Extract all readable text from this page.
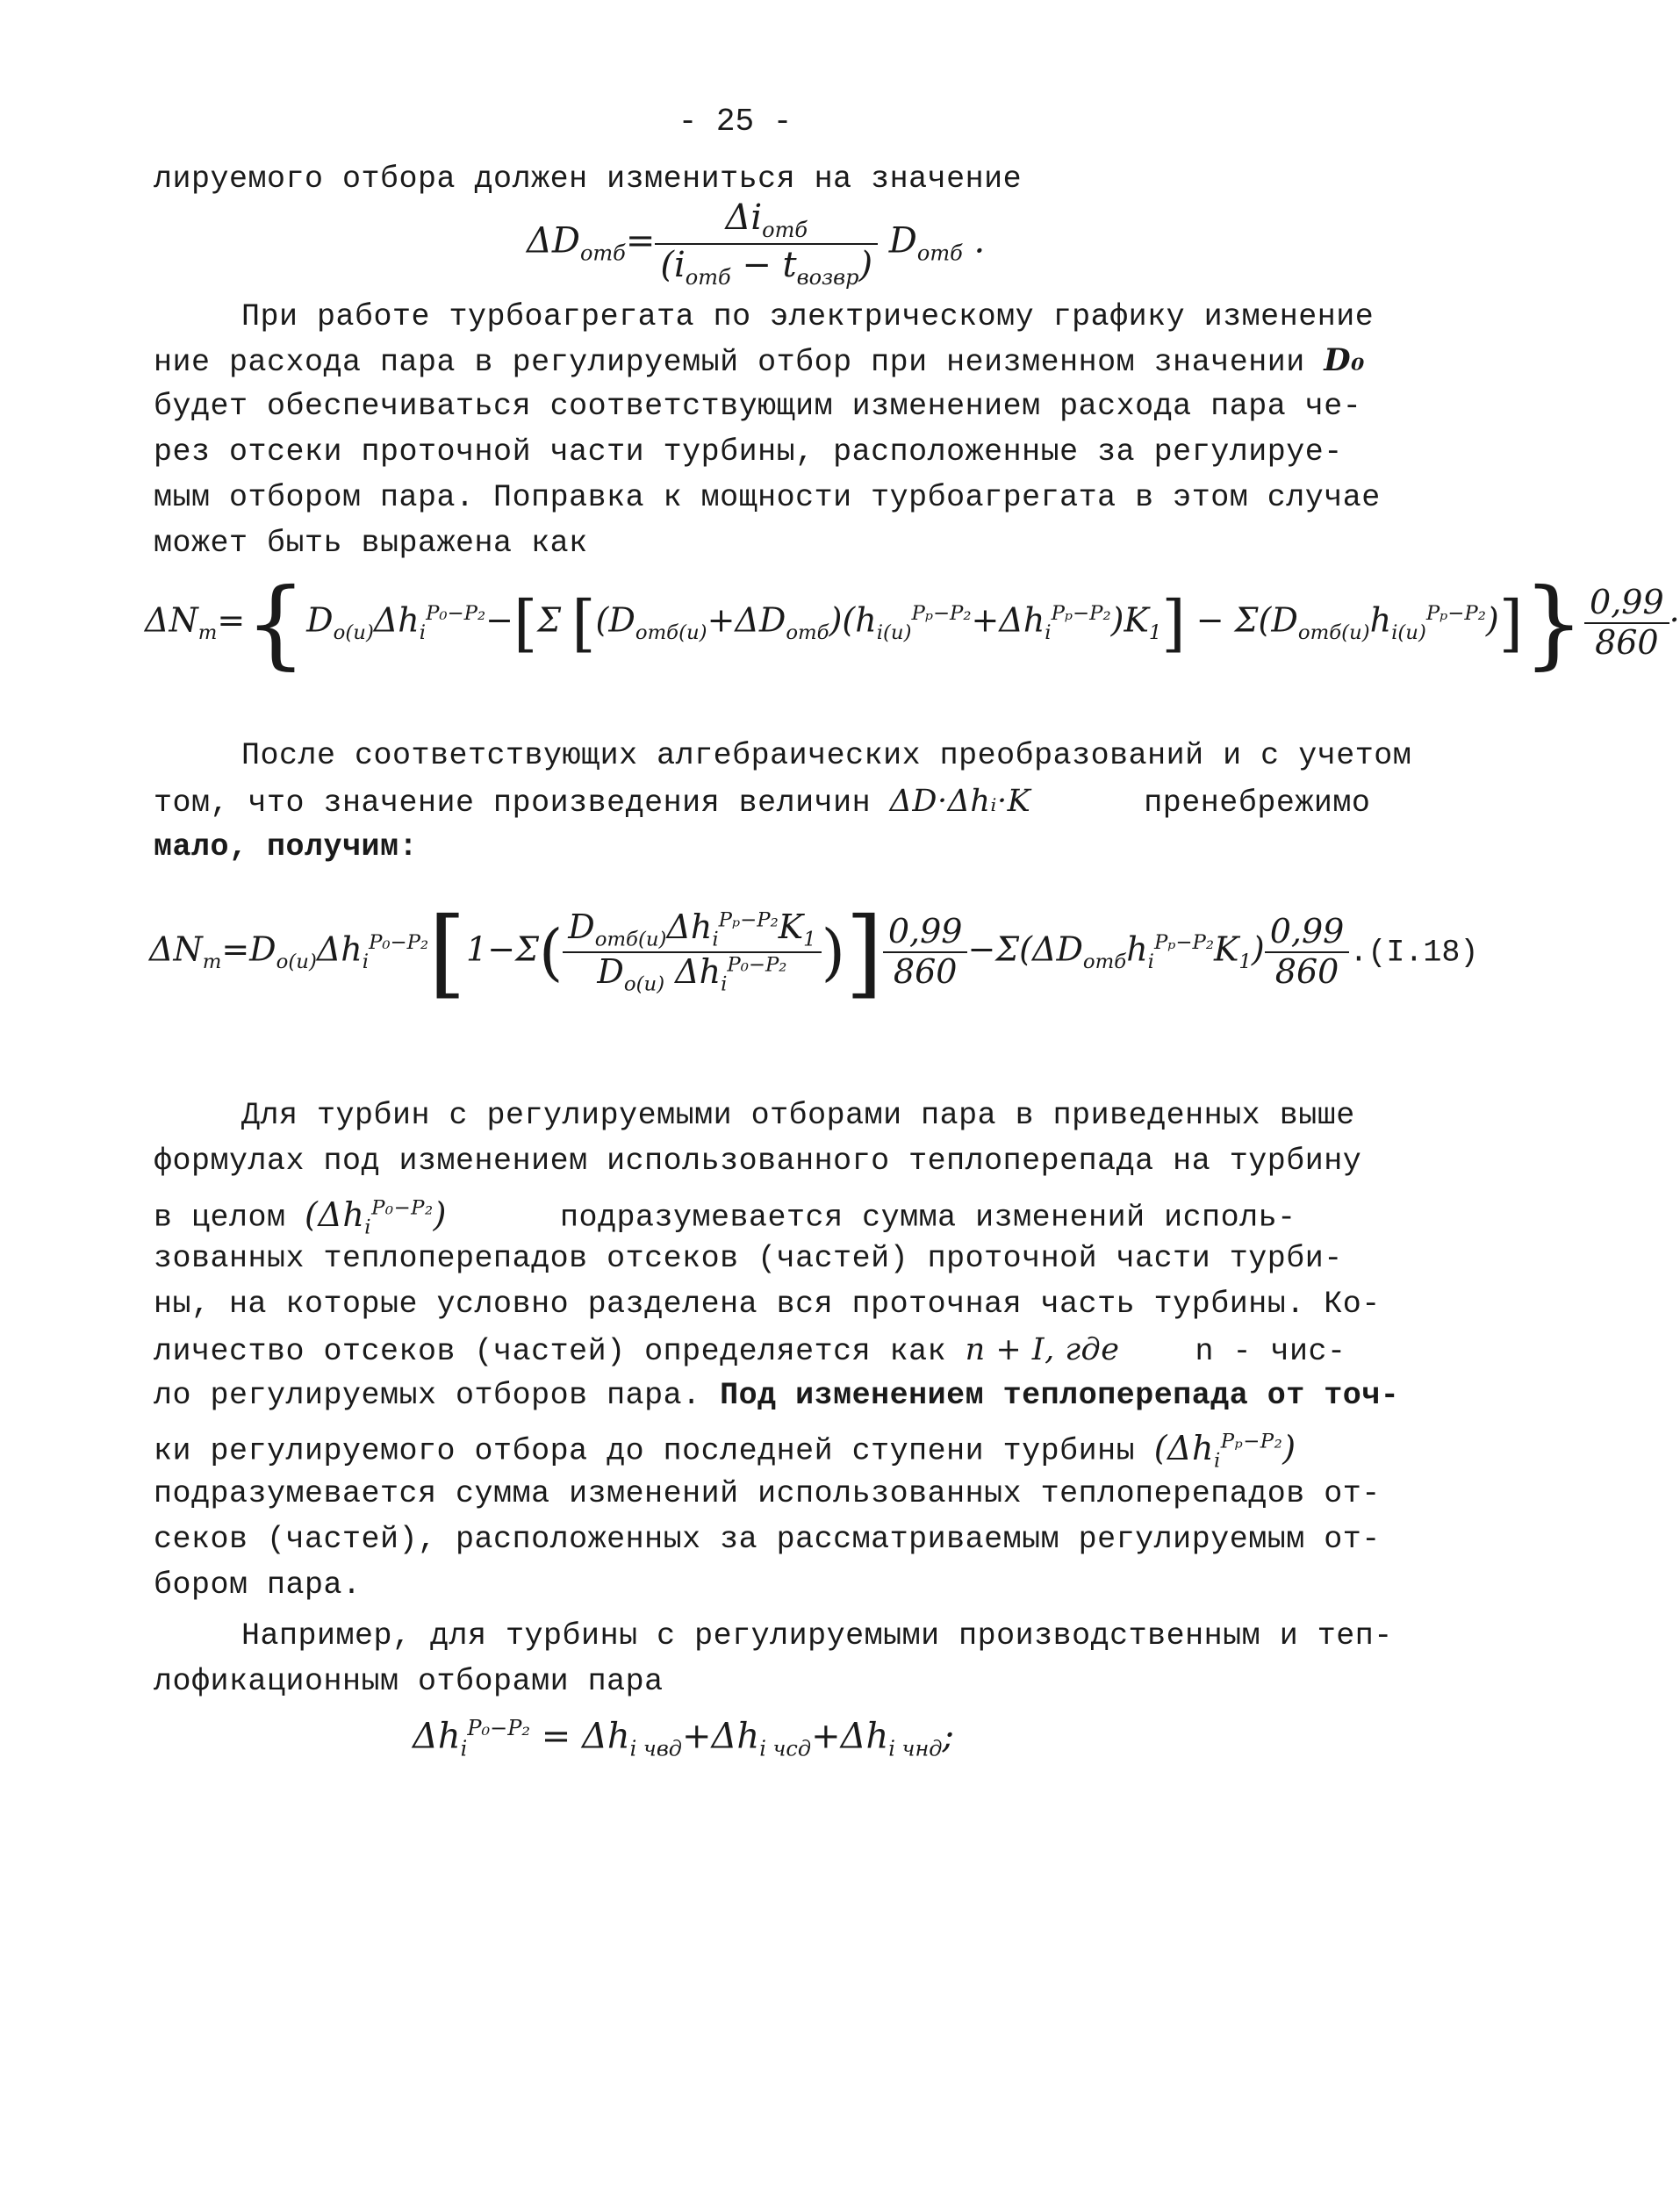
- 25 -
лируемого отбора должен измениться на значение
$\Delta D_{отб}= \frac{\Delta i_{отб}}{(i_{отб} - t_{возвр})} D_{отб}$ .
При работе турбоагрегата по электрическому графику изменение
ние расхода пара в регулируемый отбор при неизменном значении D₀
будет обеспечиваться соответствующим изменением расхода пара че-
рез отсеки проточной части турбины, расположенные за регулируе-
мым отбором пара. Поправка к мощности турбоагрегата в этом случае
может быть выражена как
$\Delta N_т=\{D_{о(и)}\Delta h_i^{P_0-P_2}-[\Sigma$ $[(D_{отб(и)}+\Delta D_{отб})(h_{i(и)}^{P_p-P_2}+\Delta h_i^{P_p-P_2})K_1] - \Sigma(D_{отб(и)}h_{i(и)}^{P_p-P_2})]\} \frac{0,99}{860}$ ·
После соответствующих алгебраических преобразований и с учетом
том, что значение произведения величин ΔD·Δhᵢ·K	пренебрежимо
мало, получим:
$\Delta N_т=D_{о(и)}\Delta h_i^{P_0-P_2}[1-\Sigma( \frac{D_{отб(и)}\Delta h_i^{P_p-P_2}K_1}{D_{о(и)} \Delta h_i^{P_0-P_2}}$ )] $\frac{0,99}{860} -\Sigma(\Delta D_{отб}h_i^{P_p-P_2}K_1) \frac{0,99}{860} .(I.18)$
Для турбин с регулируемыми отборами пара в приведенных выше
формулах под изменением использованного теплоперепада на турбину
в целом $(\Delta h_i^{P_0-P_2})$	подразумевается сумма изменений исполь-
зованных теплоперепадов отсеков (частей) проточной части турби-
ны, на которые условно разделена вся проточная часть турбины. Ко-
личество отсеков (частей) определяется как n + I, где n - чис-
ло регулируемых отборов пара. Под изменением теплоперепада от точ-
ки регулируемого отбора до последней ступени турбины $(\Delta h_i^{P_p-P_2})$
подразумевается сумма изменений использованных теплоперепадов от-
секов (частей), расположенных за рассматриваемым регулируемым от-
бором пара.
Например, для турбины с регулируемыми производственным и теп-
лофикационным отборами пара
$\Delta h_i^{P_0-P_2} = \Delta h_{i чвд}+\Delta h_{i чсд}+\Delta h_{i чнд}$;
